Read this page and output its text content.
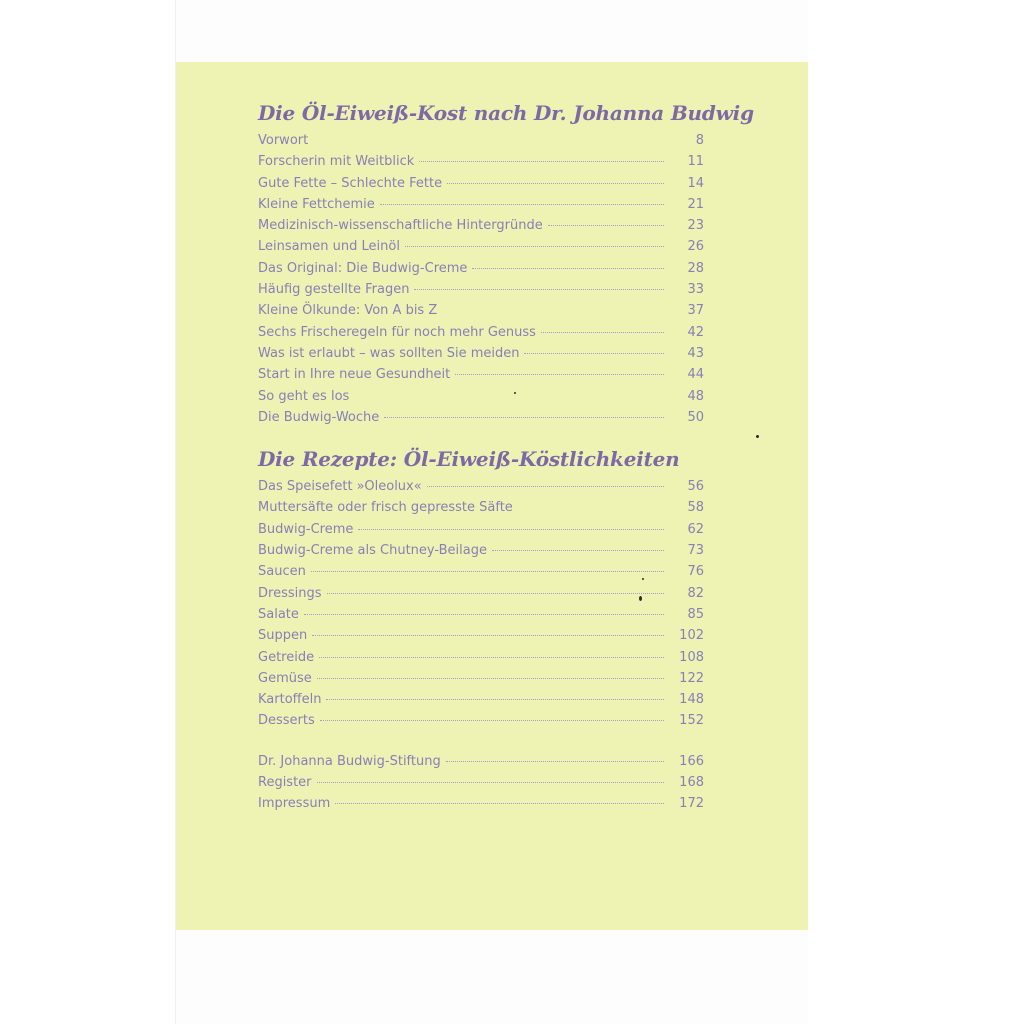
Die Öl-Eiweiß-Kost nach Dr. Johanna Budwig
Vorwort	8
Forscherin mit Weitblick	11
Gute Fette – Schlechte Fette	14
Kleine Fettchemie	21
Medizinisch-wissenschaftliche Hintergründe	23
Leinsamen und Leinöl	26
Das Original: Die Budwig-Creme	28
Häufig gestellte Fragen	33
Kleine Ölkunde: Von A bis Z	37
Sechs Frischeregeln für noch mehr Genuss	42
Was ist erlaubt – was sollten Sie meiden	43
Start in Ihre neue Gesundheit	44
So geht es los	48
Die Budwig-Woche	50
Die Rezepte: Öl-Eiweiß-Köstlichkeiten
Das Speisefett »Oleolux«	56
Muttersäfte oder frisch gepresste Säfte	58
Budwig-Creme	62
Budwig-Creme als Chutney-Beilage	73
Saucen	76
Dressings	82
Salate	85
Suppen	102
Getreide	108
Gemüse	122
Kartoffeln	148
Desserts	152
Dr. Johanna Budwig-Stiftung	166
Register	168
Impressum	172
